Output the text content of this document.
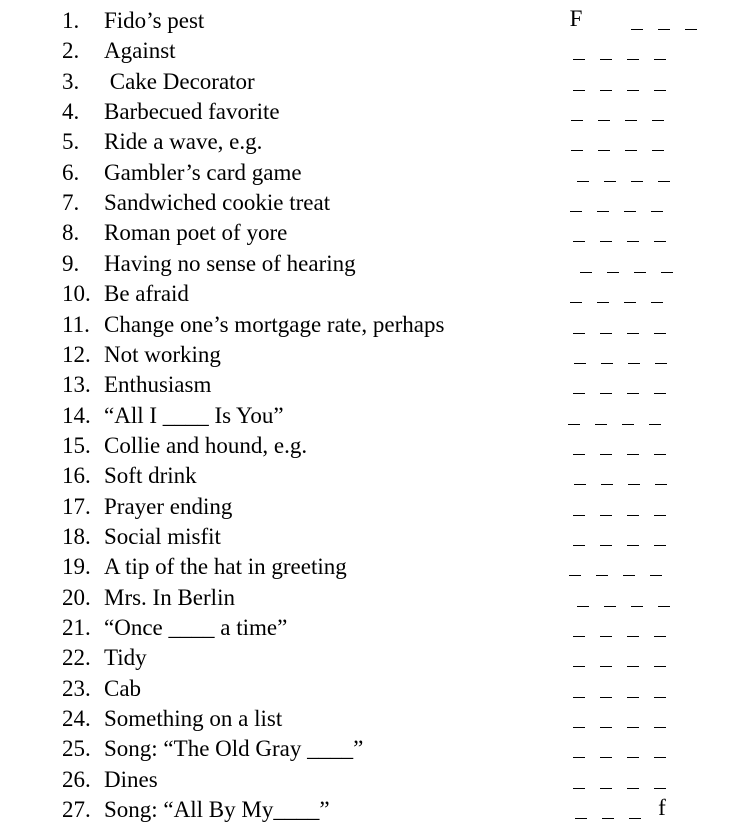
1. Fido’s pest	F
2. Against
3. Cake Decorator
4. Barbecued favorite
5. Ride a wave, e.g.
6. Gambler’s card game
7. Sandwiched cookie treat
8. Roman poet of yore
9. Having no sense of hearing
10. Be afraid
11. Change one’s mortgage rate, perhaps
12. Not working
13. Enthusiasm
14. “All I ____ Is You”
15. Collie and hound, e.g.
16. Soft drink
17. Prayer ending
18. Social misfit
19. A tip of the hat in greeting
20. Mrs. In Berlin
21. “Once ____ a time”
22. Tidy
23. Cab
24. Something on a list
25. Song: “The Old Gray ____”
26. Dines
27. Song: “All By My____”	f
